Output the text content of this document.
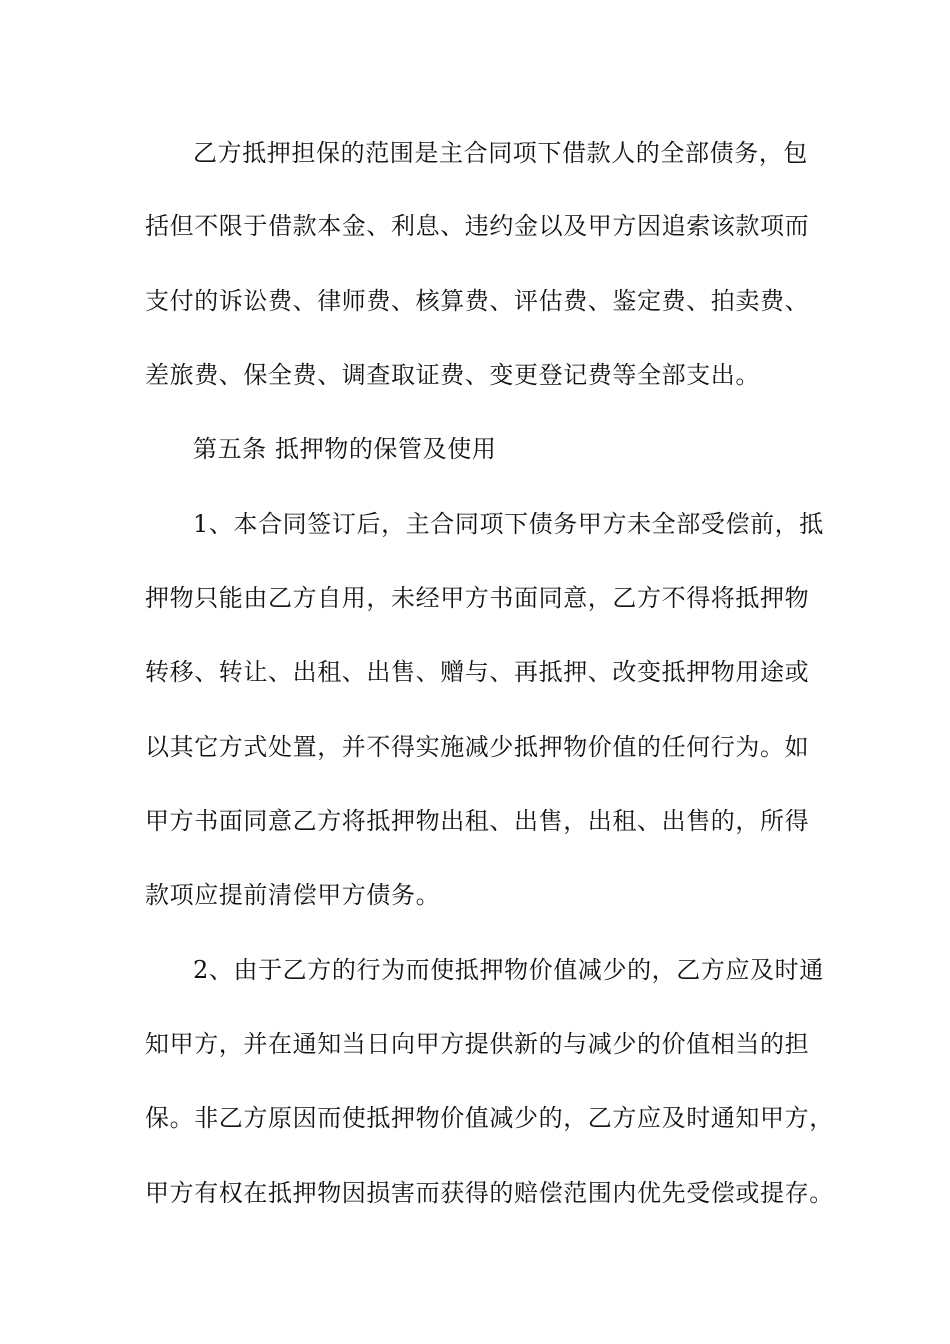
乙方抵押担保的范围是主合同项下借款人的全部债务，包
括但不限于借款本金、利息、违约金以及甲方因追索该款项而
支付的诉讼费、律师费、核算费、评估费、鉴定费、拍卖费、
差旅费、保全费、调查取证费、变更登记费等全部支出。
第五条 抵押物的保管及使用
1、本合同签订后，主合同项下债务甲方未全部受偿前，抵
押物只能由乙方自用，未经甲方书面同意，乙方不得将抵押物
转移、转让、出租、出售、赠与、再抵押、改变抵押物用途或
以其它方式处置，并不得实施减少抵押物价值的任何行为。如
甲方书面同意乙方将抵押物出租、出售，出租、出售的，所得
款项应提前清偿甲方债务。
2、由于乙方的行为而使抵押物价值减少的，乙方应及时通
知甲方，并在通知当日向甲方提供新的与减少的价值相当的担
保。非乙方原因而使抵押物价值减少的，乙方应及时通知甲方，
甲方有权在抵押物因损害而获得的赔偿范围内优先受偿或提存。
